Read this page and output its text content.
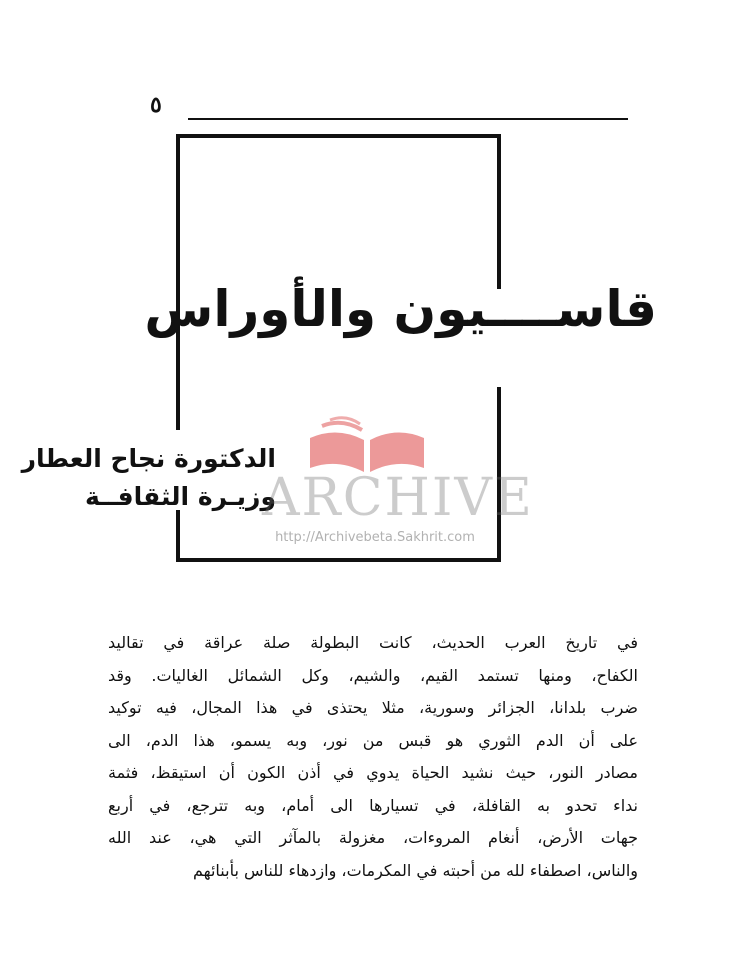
٥
قاســــيون والأوراس
الدكتورة نجاح العطار
وزيـرة الثقافــة
ARCHIVE
http://Archivebeta.Sakhrit.com
في تاريخ العرب الحديث، كانت البطولة صلة عراقة في تقاليد
الكفاح، ومنها تستمد القيم، والشيم، وكل الشمائل الغاليات. وقد
ضرب بلدانا، الجزائر وسورية، مثلا يحتذى في هذا المجال، فيه توكيد
على أن الدم الثوري هو قبس من نور، وبه يسمو، هذا الدم، الى
مصادر النور، حيث نشيد الحياة يدوي في أذن الكون أن استيقظ، فثمة
نداء تحدو به القافلة، في تسيارها الى أمام، وبه تترجع، في أربع
جهات الأرض، أنغام المروءات، مغزولة بالمآثر التي هي، عند الله
والناس، اصطفاء لله من أحبته في المكرمات، وازدهاء للناس بأبنائهم
